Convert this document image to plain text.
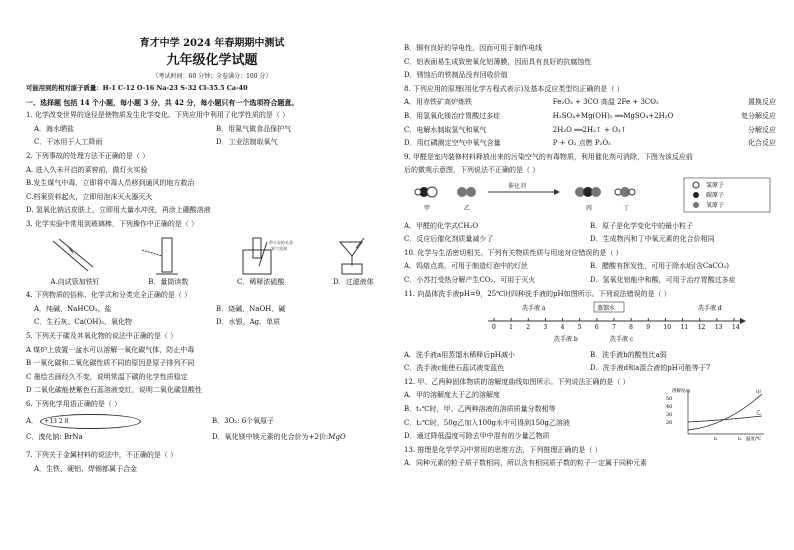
育才中学 2024 年春期期中测试
九年级化学试题
（考试时间：60 分钟；全卷满分：100 分）
可能用到的相对原子质量：H-1 C-12 O-16 Na-23 S-32 Cl-35.5 Ca-40
一、选择题 包括 14 个小题，每小题 3 分，共 42 分，每小题只有一个选项符合题意。
1. 化学改变世界的途径是使物质发生化学变化。下列应用中利用了化学性质的是（ ）
A．海水晒盐	B．用氮气做食品保护气
C．干冰用于人工降雨	D．工业法制取氧气
2. 下列事故的处理方法不正确的是（ ）
A. 进入久未开启的菜窖前，做灯火实验
B.发生煤气中毒，立即将中毒人员移到通风的地方救治
C.档案资料起火，立即用泡沫灭火器灭火
D. 氢氧化钠沾皮肤上，立即用大量水冲洗，再涂上硼酸溶液
3. 化学实验中常用到玻璃棒，下列操作中正确的是（ ）
带火星的木条
氧气验满
A.向试管加铁钉	B．量筒读数	C．稀释浓硫酸	D．过滤液体
4. 下列物质的俗称、化学式和分类完全正确的是（ ）
A．纯碱、NaHCO₃、盐	B．烧碱、NaOH、碱
C．生石灰、Ca(OH)₂、氧化物	D．水银、Ag、单质
5. 下列关于碳及其氧化物的说法中正确的是（ ）
A 煤炉上放置一盆水可以溶解一氧化碳气体，防止中毒
B 一氧化碳和二氧化碳性质不同的原因是原子排列不同
C 墨绘古画经久不变，说明常温下碳的化学性质稳定
D 二氧化碳能使紫色石蕊溶液变红，说明二氧化碳显酸性
6. 下列化学用语正确的是（ ）
A． +13 2 8	B．3O₂: 6个氧原子
C．溴化钠: BrNa	D．氧化镁中镁元素的化合价为+2价:MgO
7. 下列关于金属材料的说法中，不正确的是（ ）
A．生铁、硬铝、焊锡都属于合金
B．铜有良好的导电性，因而可用于制作电线
C．铝表面易生成致密氧化铝薄膜，因而具有良好的抗腐蚀性
D．锈蚀后的铁制品没有回收价值
8. 下列应用的原理(用化学方程式表示)及基本反应类型均正确的是（ ）
A．用赤铁矿高炉炼铁	Fe₂O₃ + 3CO 高温 2Fe + 3CO₂	置换反应
B．用氢氧化镁治疗胃酸过多症	H₂SO₄+Mg(OH)₂ ══MgSO₄+2H₂O	复分解反应
C．电解水制取氢气和氧气	2H₂O ══2H₂↑ + O₂↑	分解反应
D．用红磷测定空气中氧气含量	P + O₂ 点燃 P₂O₅	化合反应
9. 甲醛是室内装修材料释放出来的污染空气的有毒物质，利用催化剂可消除，下图为该反应前
后的微观示意图，下列说法不正确的是（ ）
催化剂
甲	乙	丙	丁
氢原子
碳原子
氧原子
A．甲醛的化学式CH₂O	B．原子是化学变化中的最小粒子
C．反应后催化剂质量减少了	D．生成物丙和丁中氧元素的化合价相同
10. 化学与生活密切相关。下列有关物质性质与用途对应错误的是（ ）
A．钨熔点高，可用于制造灯泡中的灯丝	B．醋酸有挥发性，可用于除水垢(含CaCO₃)
C．小苏打受热分解产生CO₂，可用于灭火	D．氢氧化铝能中和酸，可用于治疗胃酸过多症
11. 向晶体洗手液pH=9，25℃时四种洗手液的pH如图所示。下列说法错误的是（ ）
0 1 2 3 4 5 6 7 8 9 10 11 12 13 14
洗手液 a	蒸馏水	洗手液 d
洗手液 b	洗手液 c
A．洗手液a用蒸馏水稀释后pH减小	B．洗手液b的酸性比a弱
C．洗手液c能使石蕊试液变蓝色	D．洗手液d和a混合液的pH可能等于7
12. 甲、乙两种固体物质的溶解度曲线如图所示。下列说法正确的是（ ）
A．甲的溶解度大于乙的溶解度
B．t₁℃时，甲、乙两种溶液的溶质质量分数相等
C．t₂℃时，50g乙加入100g水中可得到150g乙溶液
D．通过降低温度可除去甲中混有的少量乙物质
50
40
30
20
溶解度/g	甲
乙
t₁	t₂ 温度/℃
13. 推理是化学学习中常用的思维方法，下列推理正确的是（ ）
A．同种元素的粒子质子数相同，所以含有相同质子数的粒子一定属于同种元素
